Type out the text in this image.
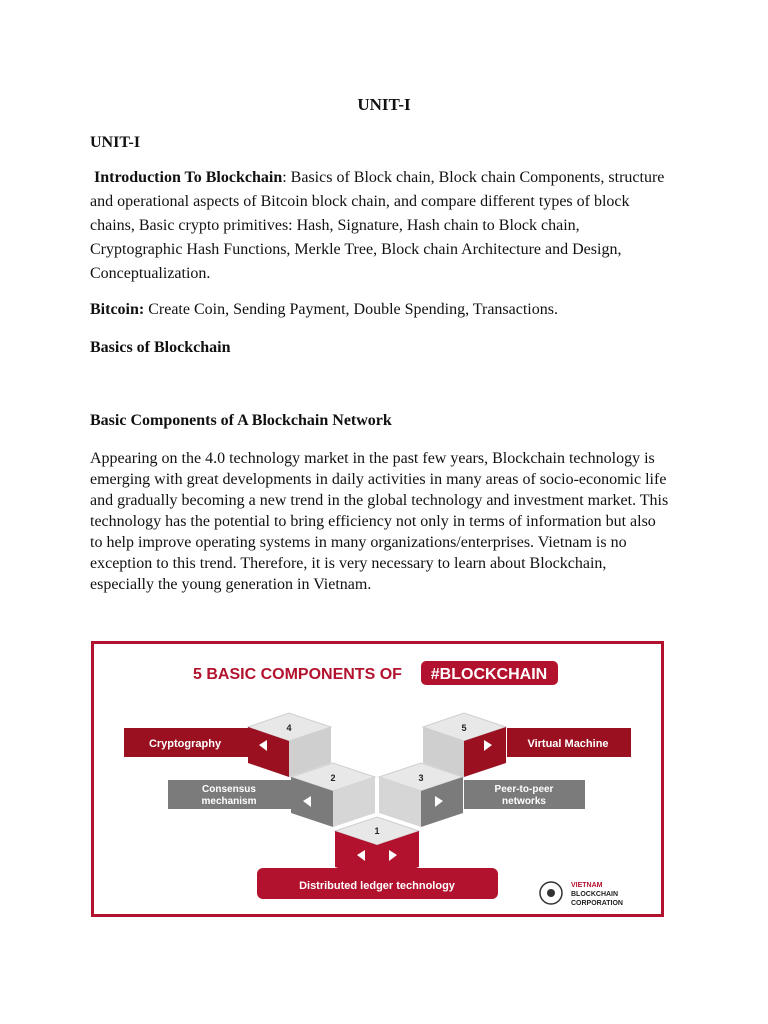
UNIT-I
UNIT-I
Introduction To Blockchain: Basics of Block chain, Block chain Components, structure and operational aspects of Bitcoin block chain, and compare different types of block chains, Basic crypto primitives: Hash, Signature, Hash chain to Block chain, Cryptographic Hash Functions, Merkle Tree, Block chain Architecture and Design, Conceptualization.
Bitcoin: Create Coin, Sending Payment, Double Spending, Transactions.
Basics of Blockchain
Basic Components of A Blockchain Network
Appearing on the 4.0 technology market in the past few years, Blockchain technology is emerging with great developments in daily activities in many areas of socio-economic life and gradually becoming a new trend in the global technology and investment market. This technology has the potential to bring efficiency not only in terms of information but also to help improve operating systems in many organizations/enterprises. Vietnam is no exception to this trend. Therefore, it is very necessary to learn about Blockchain, especially the young generation in Vietnam.
5 BASIC COMPONENTS OF #BLOCKCHAIN
4	5
2	3
1
Cryptography	Virtual Machine
Consensus
mechanism
Peer-to-peer
networks
Distributed ledger technology	VIETNAM
BLOCKCHAIN
CORPORATION
